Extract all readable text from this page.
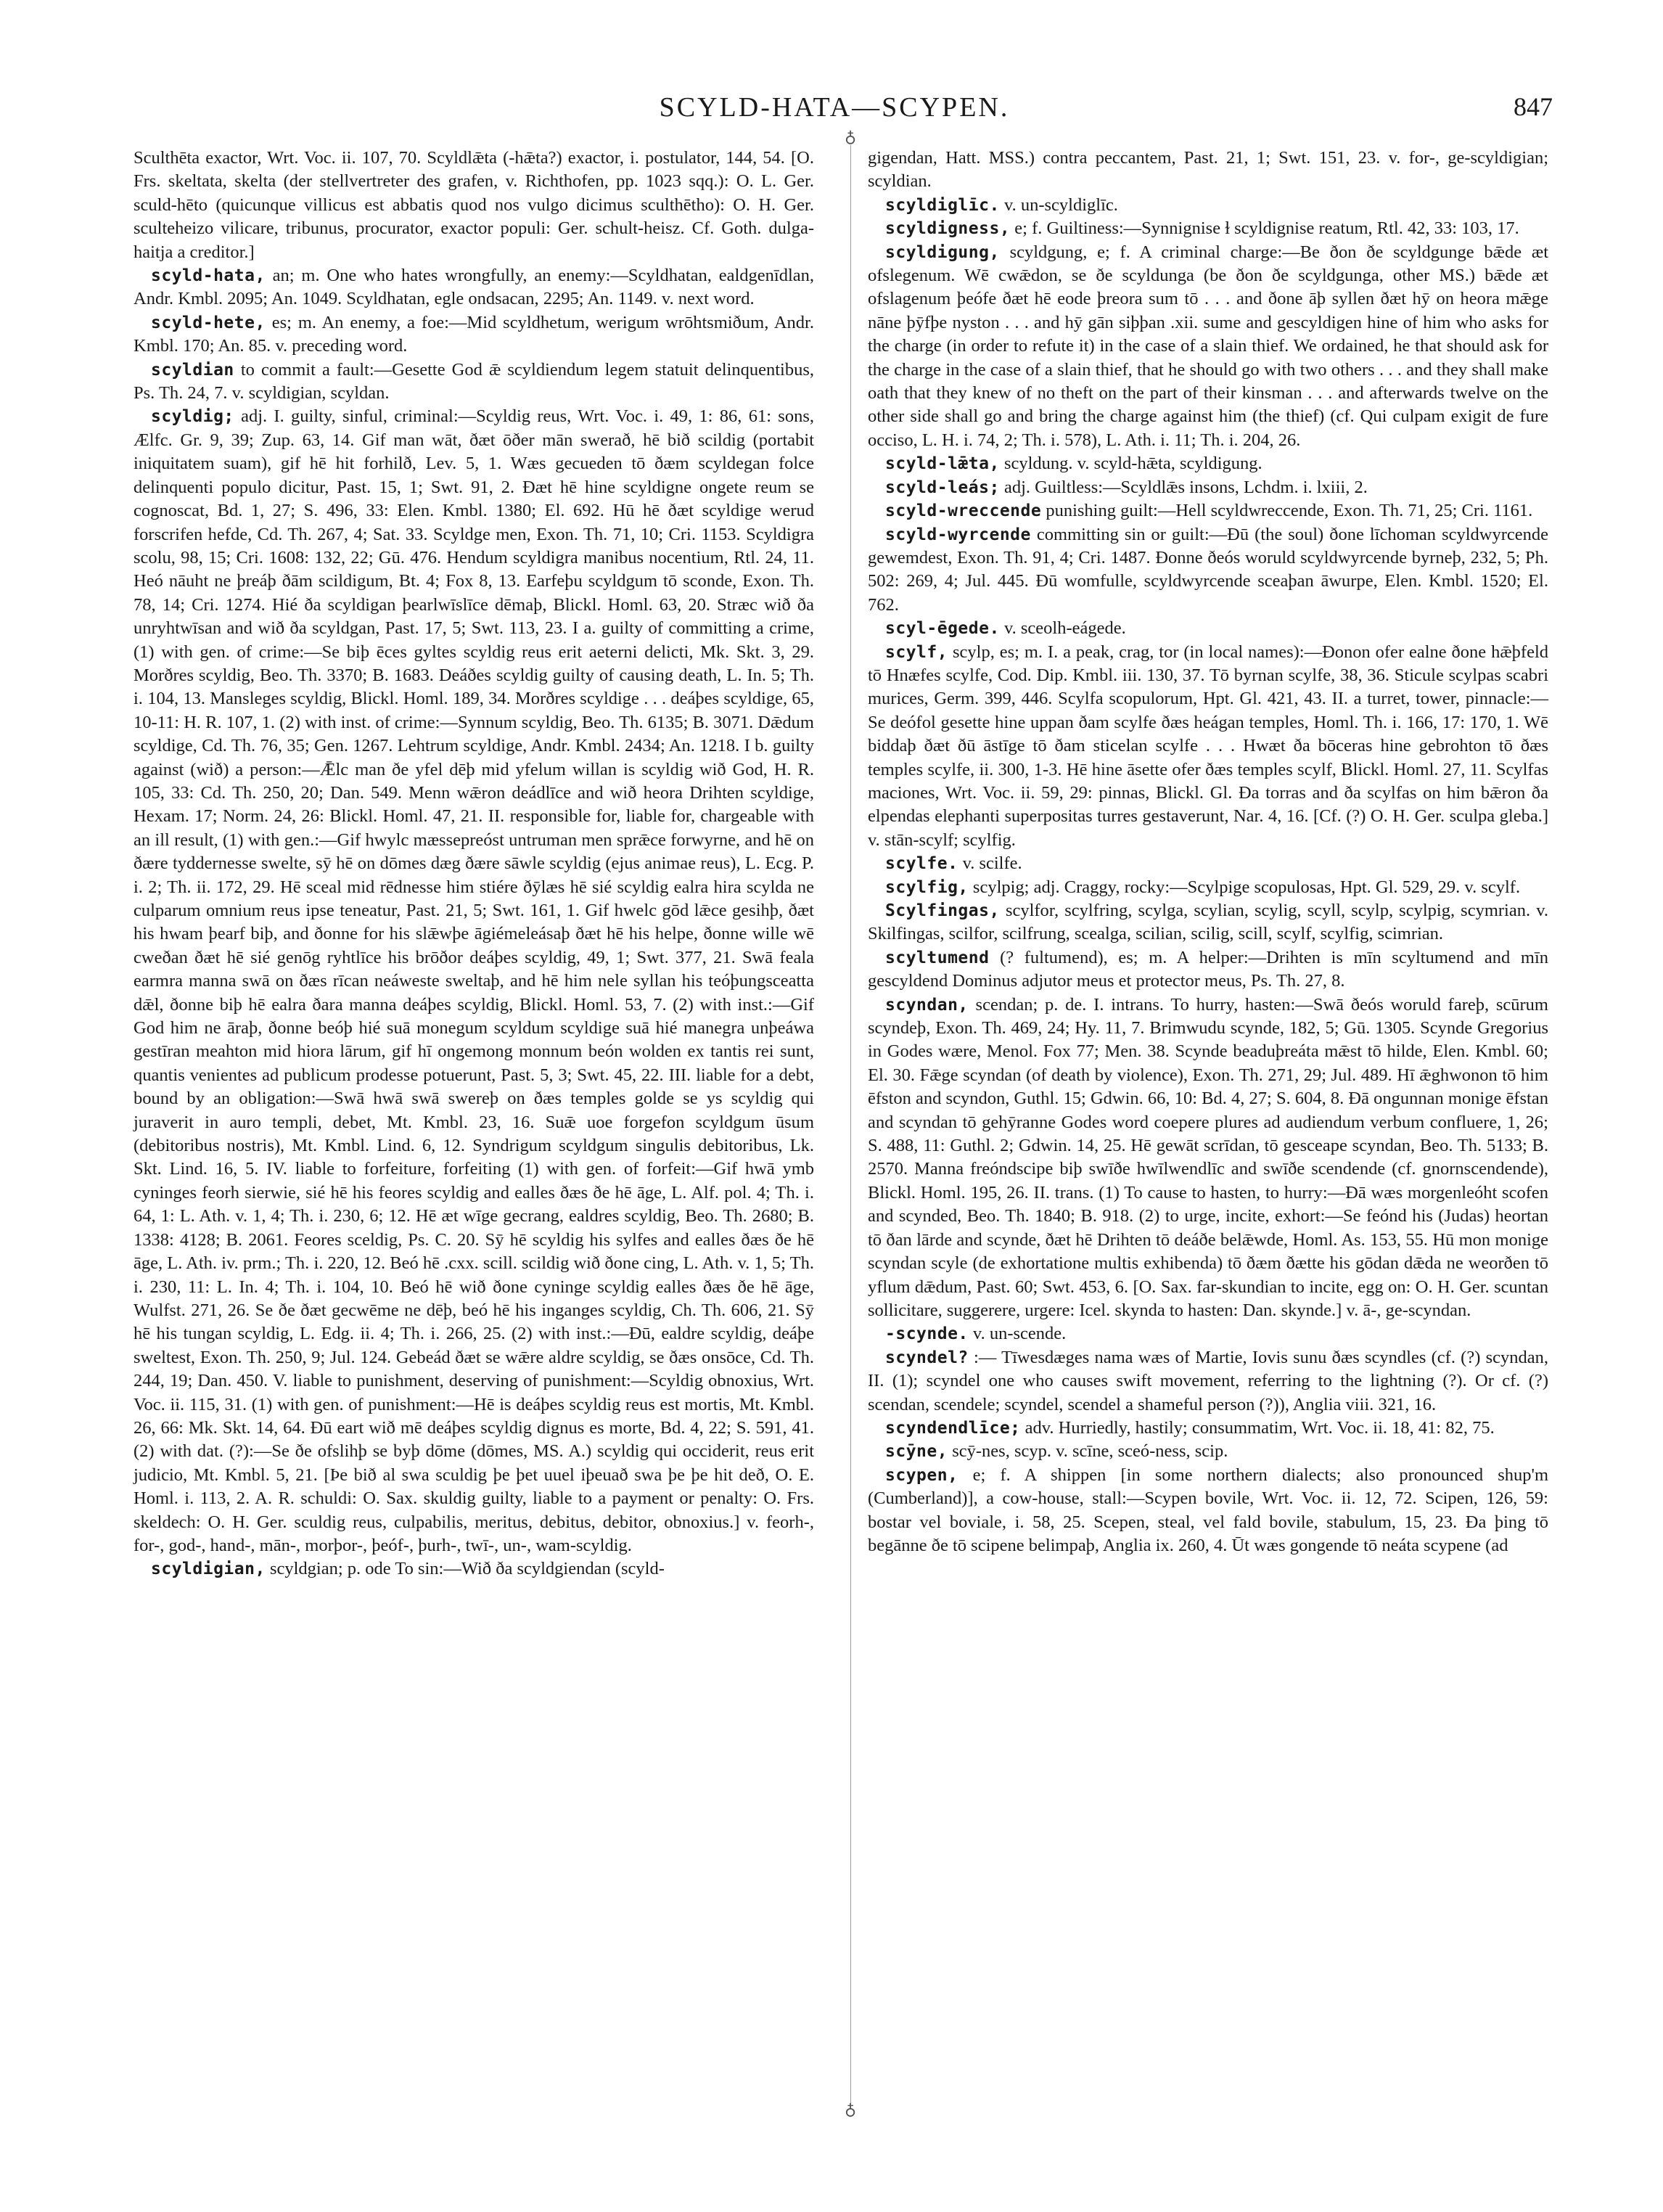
SCYLD-HATA—SCYPEN.	847
♁
♁

Sculthēta exactor, Wrt. Voc. ii. 107, 70. Scyldlǣta (-hǣta?) exactor, i. postulator, 144, 54. [O. Frs. skeltata, skelta (der stellvertreter des grafen, v. Richthofen, pp. 1023 sqq.): O. L. Ger. sculd-hēto (quicunque villicus est abbatis quod nos vulgo dicimus sculthētho): O. H. Ger. sculteheizo vilicare, tribunus, procurator, exactor populi: Ger. schult-heisz. Cf. Goth. dulga-haitja a creditor.]

scyld-hata, an; m. One who hates wrongfully, an enemy:—Scyldhatan, ealdgenīdlan, Andr. Kmbl. 2095; An. 1049. Scyldhatan, egle ondsacan, 2295; An. 1149. v. next word.

scyld-hete, es; m. An enemy, a foe:—Mid scyldhetum, werigum wrōhtsmiðum, Andr. Kmbl. 170; An. 85. v. preceding word.

scyldian to commit a fault:—Gesette God ǣ scyldiendum legem statuit delinquentibus, Ps. Th. 24, 7. v. scyldigian, scyldan.

scyldig; adj. I. guilty, sinful, criminal:—Scyldig reus, Wrt. Voc. i. 49, 1: 86, 61: sons, Ælfc. Gr. 9, 39; Zup. 63, 14. Gif man wāt, ðæt ōðer mān swerað, hē bið scildig (portabit iniquitatem suam), gif hē hit forhilð, Lev. 5, 1. Wæs gecueden tō ðæm scyldegan folce delinquenti populo dicitur, Past. 15, 1; Swt. 91, 2. Ðæt hē hine scyldigne ongete reum se cognoscat, Bd. 1, 27; S. 496, 33: Elen. Kmbl. 1380; El. 692. Hū hē ðæt scyldige werud forscrifen hefde, Cd. Th. 267, 4; Sat. 33. Scyldge men, Exon. Th. 71, 10; Cri. 1153. Scyldigra scolu, 98, 15; Cri. 1608: 132, 22; Gū. 476. Hendum scyldigra manibus nocentium, Rtl. 24, 11. Heó nāuht ne þreáþ ðām scildigum, Bt. 4; Fox 8, 13. Earfeþu scyldgum tō sconde, Exon. Th. 78, 14; Cri. 1274. Hié ða scyldigan þearlwīslīce dēmaþ, Blickl. Homl. 63, 20. Stræc wið ða unryhtwīsan and wið ða scyldgan, Past. 17, 5; Swt. 113, 23. I a. guilty of committing a crime, (1) with gen. of crime:—Se biþ ēces gyltes scyldig reus erit aeterni delicti, Mk. Skt. 3, 29. Morðres scyldig, Beo. Th. 3370; B. 1683. Deáðes scyldig guilty of causing death, L. In. 5; Th. i. 104, 13. Mansleges scyldig, Blickl. Homl. 189, 34. Morðres scyldige . . . deáþes scyldige, 65, 10-11: H. R. 107, 1. (2) with inst. of crime:—Synnum scyldig, Beo. Th. 6135; B. 3071. Dǣdum scyldige, Cd. Th. 76, 35; Gen. 1267. Lehtrum scyldige, Andr. Kmbl. 2434; An. 1218. I b. guilty against (wið) a person:—Ǣlc man ðe yfel dēþ mid yfelum willan is scyldig wið God, H. R. 105, 33: Cd. Th. 250, 20; Dan. 549. Menn wǣron deádlīce and wið heora Drihten scyldige, Hexam. 17; Norm. 24, 26: Blickl. Homl. 47, 21. II. responsible for, liable for, chargeable with an ill result, (1) with gen.:—Gif hwylc mæssepreóst untruman men sprǣce forwyrne, and hē on ðære tyddernesse swelte, sȳ hē on dōmes dæg ðære sāwle scyldig (ejus animae reus), L. Ecg. P. i. 2; Th. ii. 172, 29. Hē sceal mid rēdnesse him stiére ðȳlæs hē sié scyldig ealra hira scylda ne culparum omnium reus ipse teneatur, Past. 21, 5; Swt. 161, 1. Gif hwelc gōd lǣce gesihþ, ðæt his hwam þearf biþ, and ðonne for his slǣwþe āgiémeleásaþ ðæt hē his helpe, ðonne wille wē cweðan ðæt hē sié genōg ryhtlīce his brōðor deáþes scyldig, 49, 1; Swt. 377, 21. Swā feala earmra manna swā on ðæs rīcan neáweste sweltaþ, and hē him nele syllan his teóþungsceatta dǣl, ðonne biþ hē ealra ðara manna deáþes scyldig, Blickl. Homl. 53, 7. (2) with inst.:—Gif God him ne āraþ, ðonne beóþ hié suā monegum scyldum scyldige suā hié manegra unþeáwa gestīran meahton mid hiora lārum, gif hī ongemong monnum beón wolden ex tantis rei sunt, quantis venientes ad publicum prodesse potuerunt, Past. 5, 3; Swt. 45, 22. III. liable for a debt, bound by an obligation:—Swā hwā swā swereþ on ðæs temples golde se ys scyldig qui juraverit in auro templi, debet, Mt. Kmbl. 23, 16. Suǣ uoe forgefon scyldgum ūsum (debitoribus nostris), Mt. Kmbl. Lind. 6, 12. Syndrigum scyldgum singulis debitoribus, Lk. Skt. Lind. 16, 5. IV. liable to forfeiture, forfeiting (1) with gen. of forfeit:—Gif hwā ymb cyninges feorh sierwie, sié hē his feores scyldig and ealles ðæs ðe hē āge, L. Alf. pol. 4; Th. i. 64, 1: L. Ath. v. 1, 4; Th. i. 230, 6; 12. Hē æt wīge gecrang, ealdres scyldig, Beo. Th. 2680; B. 1338: 4128; B. 2061. Feores sceldig, Ps. C. 20. Sȳ hē scyldig his sylfes and ealles ðæs ðe hē āge, L. Ath. iv. prm.; Th. i. 220, 12. Beó hē .cxx. scill. scildig wið ðone cing, L. Ath. v. 1, 5; Th. i. 230, 11: L. In. 4; Th. i. 104, 10. Beó hē wið ðone cyninge scyldig ealles ðæs ðe hē āge, Wulfst. 271, 26. Se ðe ðæt gecwēme ne dēþ, beó hē his inganges scyldig, Ch. Th. 606, 21. Sȳ hē his tungan scyldig, L. Edg. ii. 4; Th. i. 266, 25. (2) with inst.:—Ðū, ealdre scyldig, deáþe sweltest, Exon. Th. 250, 9; Jul. 124. Gebeád ðæt se wǣre aldre scyldig, se ðæs onsōce, Cd. Th. 244, 19; Dan. 450. V. liable to punishment, deserving of punishment:—Scyldig obnoxius, Wrt. Voc. ii. 115, 31. (1) with gen. of punishment:—Hē is deáþes scyldig reus est mortis, Mt. Kmbl. 26, 66: Mk. Skt. 14, 64. Ðū eart wið mē deáþes scyldig dignus es morte, Bd. 4, 22; S. 591, 41. (2) with dat. (?):—Se ðe ofslihþ se byþ dōme (dōmes, MS. A.) scyldig qui occiderit, reus erit judicio, Mt. Kmbl. 5, 21. [Þe bið al swa sculdig þe þet uuel iþeuað swa þe þe hit deð, O. E. Homl. i. 113, 2. A. R. schuldi: O. Sax. skuldig guilty, liable to a payment or penalty: O. Frs. skeldech: O. H. Ger. sculdig reus, culpabilis, meritus, debitus, debitor, obnoxius.] v. feorh-, for-, god-, hand-, mān-, morþor-, þeóf-, þurh-, twī-, un-, wam-scyldig.

scyldigian, scyldgian; p. ode To sin:—Wið ða scyldgiendan (scyld-

gigendan, Hatt. MSS.) contra peccantem, Past. 21, 1; Swt. 151, 23. v. for-, ge-scyldigian; scyldian.

scyldiglīc. v. un-scyldiglīc.

scyldigness, e; f. Guiltiness:—Synnignise ɫ scyldignise reatum, Rtl. 42, 33: 103, 17.

scyldigung, scyldgung, e; f. A criminal charge:—Be ðon ðe scyldgunge bǣde æt ofslegenum. Wē cwǣdon, se ðe scyldunga (be ðon ðe scyldgunga, other MS.) bǣde æt ofslagenum þeófe ðæt hē eode þreora sum tō . . . and ðone āþ syllen ðæt hȳ on heora mǣge nāne þȳfþe nyston . . . and hȳ gān siþþan .xii. sume and gescyldigen hine of him who asks for the charge (in order to refute it) in the case of a slain thief. We ordained, he that should ask for the charge in the case of a slain thief, that he should go with two others . . . and they shall make oath that they knew of no theft on the part of their kinsman . . . and afterwards twelve on the other side shall go and bring the charge against him (the thief) (cf. Qui culpam exigit de fure occiso, L. H. i. 74, 2; Th. i. 578), L. Ath. i. 11; Th. i. 204, 26.

scyld-lǣta, scyldung. v. scyld-hǣta, scyldigung.

scyld-leás; adj. Guiltless:—Scyldlǣs insons, Lchdm. i. lxiii, 2.

scyld-wreccende punishing guilt:—Hell scyldwreccende, Exon. Th. 71, 25; Cri. 1161.

scyld-wyrcende committing sin or guilt:—Ðū (the soul) ðone līchoman scyldwyrcende gewemdest, Exon. Th. 91, 4; Cri. 1487. Ðonne ðeós woruld scyldwyrcende byrneþ, 232, 5; Ph. 502: 269, 4; Jul. 445. Ðū womfulle, scyldwyrcende sceaþan āwurpe, Elen. Kmbl. 1520; El. 762.

scyl-ēgede. v. sceolh-eágede.

scylf, scylp, es; m. I. a peak, crag, tor (in local names):—Ðonon ofer ealne ðone hǣþfeld tō Hnæfes scylfe, Cod. Dip. Kmbl. iii. 130, 37. Tō byrnan scylfe, 38, 36. Sticule scylpas scabri murices, Germ. 399, 446. Scylfa scopulorum, Hpt. Gl. 421, 43. II. a turret, tower, pinnacle:—Se deófol gesette hine uppan ðam scylfe ðæs heágan temples, Homl. Th. i. 166, 17: 170, 1. Wē biddaþ ðæt ðū āstīge tō ðam sticelan scylfe . . . Hwæt ða bōceras hine gebrohton tō ðæs temples scylfe, ii. 300, 1-3. Hē hine āsette ofer ðæs temples scylf, Blickl. Homl. 27, 11. Scylfas maciones, Wrt. Voc. ii. 59, 29: pinnas, Blickl. Gl. Ða torras and ða scylfas on him bǣron ða elpendas elephanti superpositas turres gestaverunt, Nar. 4, 16. [Cf. (?) O. H. Ger. sculpa gleba.] v. stān-scylf; scylfig.

scylfe. v. scilfe.

scylfig, scylpig; adj. Craggy, rocky:—Scylpige scopulosas, Hpt. Gl. 529, 29. v. scylf.

Scylfingas, scylfor, scylfring, scylga, scylian, scylig, scyll, scylp, scylpig, scymrian. v. Skilfingas, scilfor, scilfrung, scealga, scilian, scilig, scill, scylf, scylfig, scimrian.

scyltumend (? fultumend), es; m. A helper:—Drihten is mīn scyltumend and mīn gescyldend Dominus adjutor meus et protector meus, Ps. Th. 27, 8.

scyndan, scendan; p. de. I. intrans. To hurry, hasten:—Swā ðeós woruld fareþ, scūrum scyndeþ, Exon. Th. 469, 24; Hy. 11, 7. Brimwudu scynde, 182, 5; Gū. 1305. Scynde Gregorius in Godes wære, Menol. Fox 77; Men. 38. Scynde beaduþreáta mǣst tō hilde, Elen. Kmbl. 60; El. 30. Fǣge scyndan (of death by violence), Exon. Th. 271, 29; Jul. 489. Hī ǣghwonon tō him ēfston and scyndon, Guthl. 15; Gdwin. 66, 10: Bd. 4, 27; S. 604, 8. Ðā ongunnan monige ēfstan and scyndan tō gehȳranne Godes word coepere plures ad audiendum verbum confluere, 1, 26; S. 488, 11: Guthl. 2; Gdwin. 14, 25. Hē gewāt scrīdan, tō gesceape scyndan, Beo. Th. 5133; B. 2570. Manna freóndscipe biþ swīðe hwīlwendlīc and swīðe scendende (cf. gnornscendende), Blickl. Homl. 195, 26. II. trans. (1) To cause to hasten, to hurry:—Ðā wæs morgenleóht scofen and scynded, Beo. Th. 1840; B. 918. (2) to urge, incite, exhort:—Se feónd his (Judas) heortan tō ðan lārde and scynde, ðæt hē Drihten tō deáðe belǣwde, Homl. As. 153, 55. Hū mon monige scyndan scyle (de exhortatione multis exhibenda) tō ðæm ðætte his gōdan dǣda ne weorðen tō yflum dǣdum, Past. 60; Swt. 453, 6. [O. Sax. far-skundian to incite, egg on: O. H. Ger. scuntan sollicitare, suggerere, urgere: Icel. skynda to hasten: Dan. skynde.] v. ā-, ge-scyndan.

-scynde. v. un-scende.

scyndel? :— Tīwesdæges nama wæs of Martie, Iovis sunu ðæs scyndles (cf. (?) scyndan, II. (1); scyndel one who causes swift movement, referring to the lightning (?). Or cf. (?) scendan, scendele; scyndel, scendel a shameful person (?)), Anglia viii. 321, 16.

scyndendlīce; adv. Hurriedly, hastily; consummatim, Wrt. Voc. ii. 18, 41: 82, 75.

scȳne, scȳ-nes, scyp. v. scīne, sceó-ness, scip.

scypen, e; f. A shippen [in some northern dialects; also pronounced shup'm (Cumberland)], a cow-house, stall:—Scypen bovile, Wrt. Voc. ii. 12, 72. Scipen, 126, 59: bostar vel boviale, i. 58, 25. Scepen, steal, vel fald bovile, stabulum, 15, 23. Ða þing tō begānne ðe tō scipene belimpaþ, Anglia ix. 260, 4. Ūt wæs gongende tō neáta scypene (ad
